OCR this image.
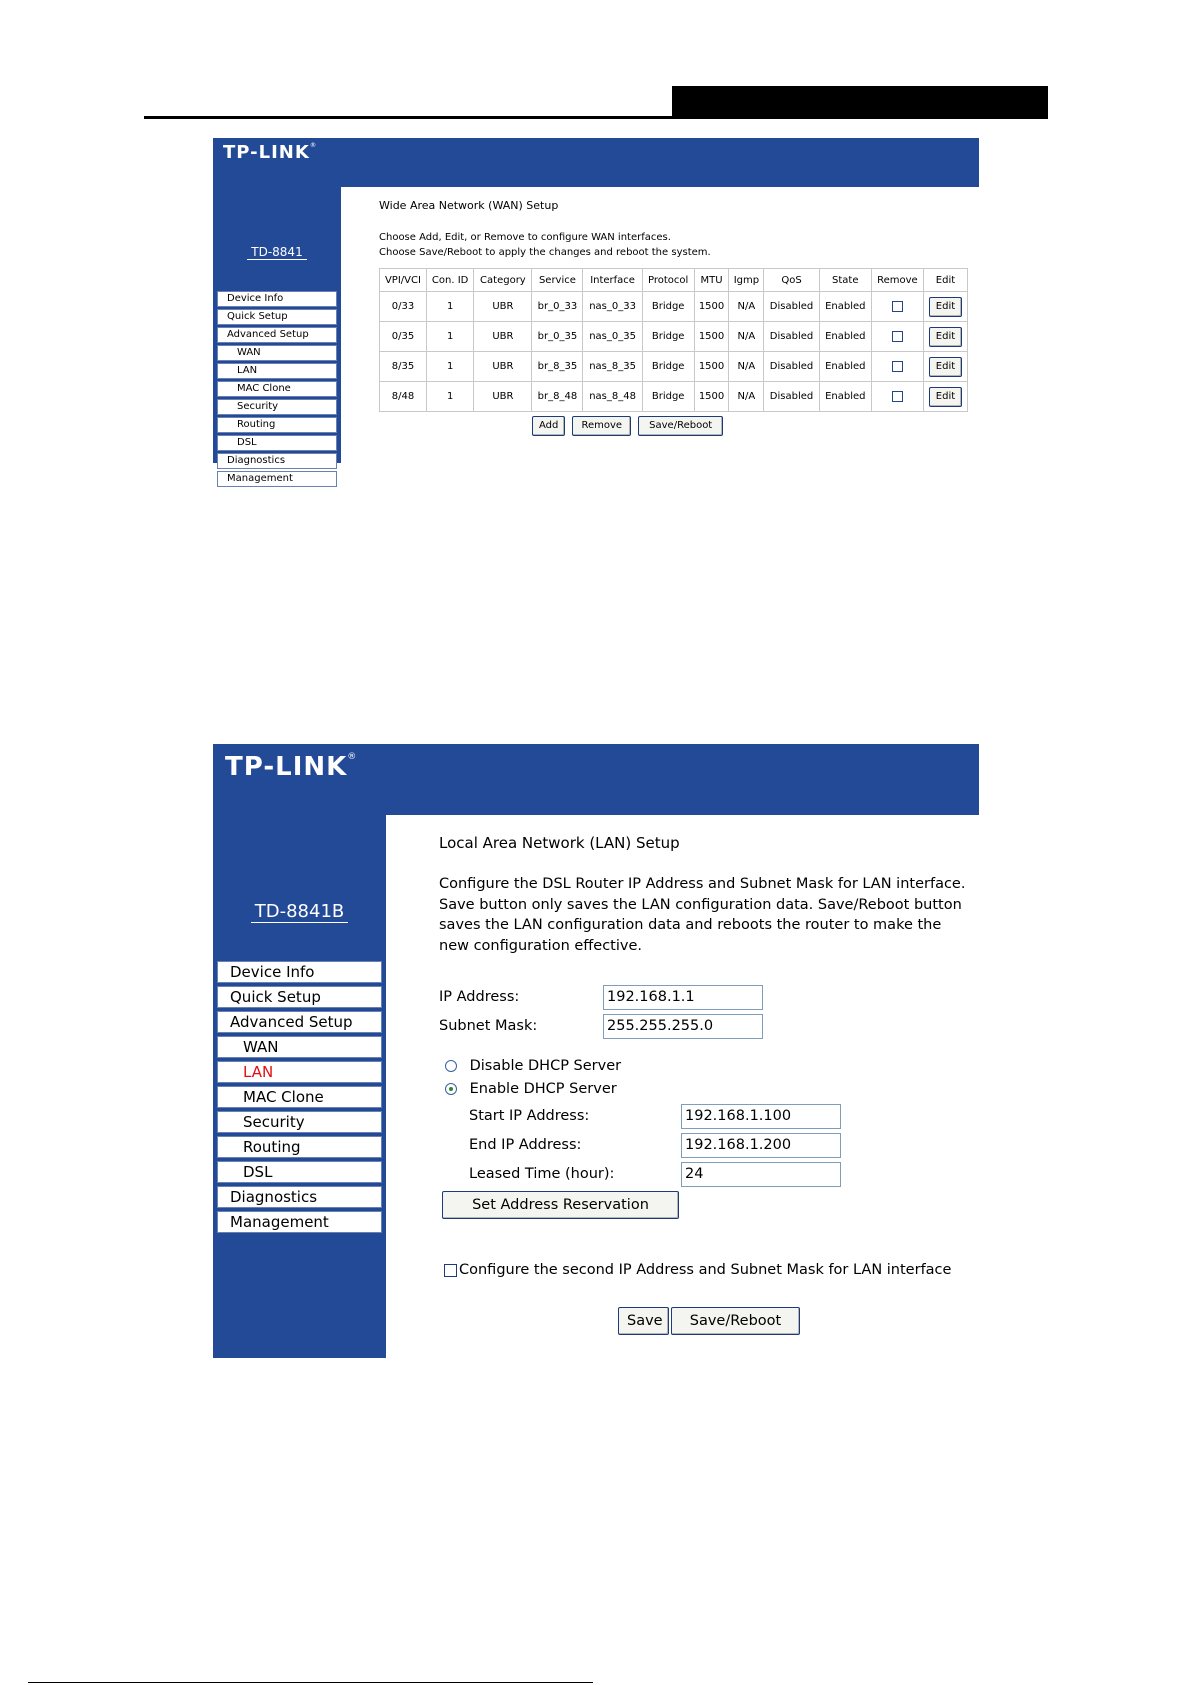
TP-LINK®
TD-8841
Device Info
Quick Setup
Advanced Setup
WAN
LAN
MAC Clone
Security
Routing
DSL
Diagnostics
Management
Wide Area Network (WAN) Setup

Choose Add, Edit, or Remove to configure WAN interfaces.

Choose Save/Reboot to apply the changes and reboot the system.

VPI/VCI	Con. ID	Category	Service	Interface	Protocol	MTU	Igmp	QoS	State	Remove	Edit
0/33	1	UBR	br_0_33	nas_0_33	Bridge	1500	N/A	Disabled	Enabled		Edit
0/35	1	UBR	br_0_35	nas_0_35	Bridge	1500	N/A	Disabled	Enabled		Edit
8/35	1	UBR	br_8_35	nas_8_35	Bridge	1500	N/A	Disabled	Enabled		Edit
8/48	1	UBR	br_8_48	nas_8_48	Bridge	1500	N/A	Disabled	Enabled		Edit
Add Remove	Save/Reboot
TP-LINK®
TD-8841B
Device Info
Quick Setup
Advanced Setup
WAN
LAN
MAC Clone
Security
Routing
DSL
Diagnostics
Management
Local Area Network (LAN) Setup

Configure the DSL Router IP Address and Subnet Mask for LAN interface. Save button only saves the LAN configuration data. Save/Reboot button saves the LAN configuration data and reboots the router to make the new configuration effective.

IP Address:	192.168.1.1
Subnet Mask:	255.255.255.0
Disable DHCP Server
Enable DHCP Server
Start IP Address:	192.168.1.100
End IP Address:	192.168.1.200
Leased Time (hour):	24
Set Address Reservation
Configure the second IP Address and Subnet Mask for LAN interface
Save	Save/Reboot
